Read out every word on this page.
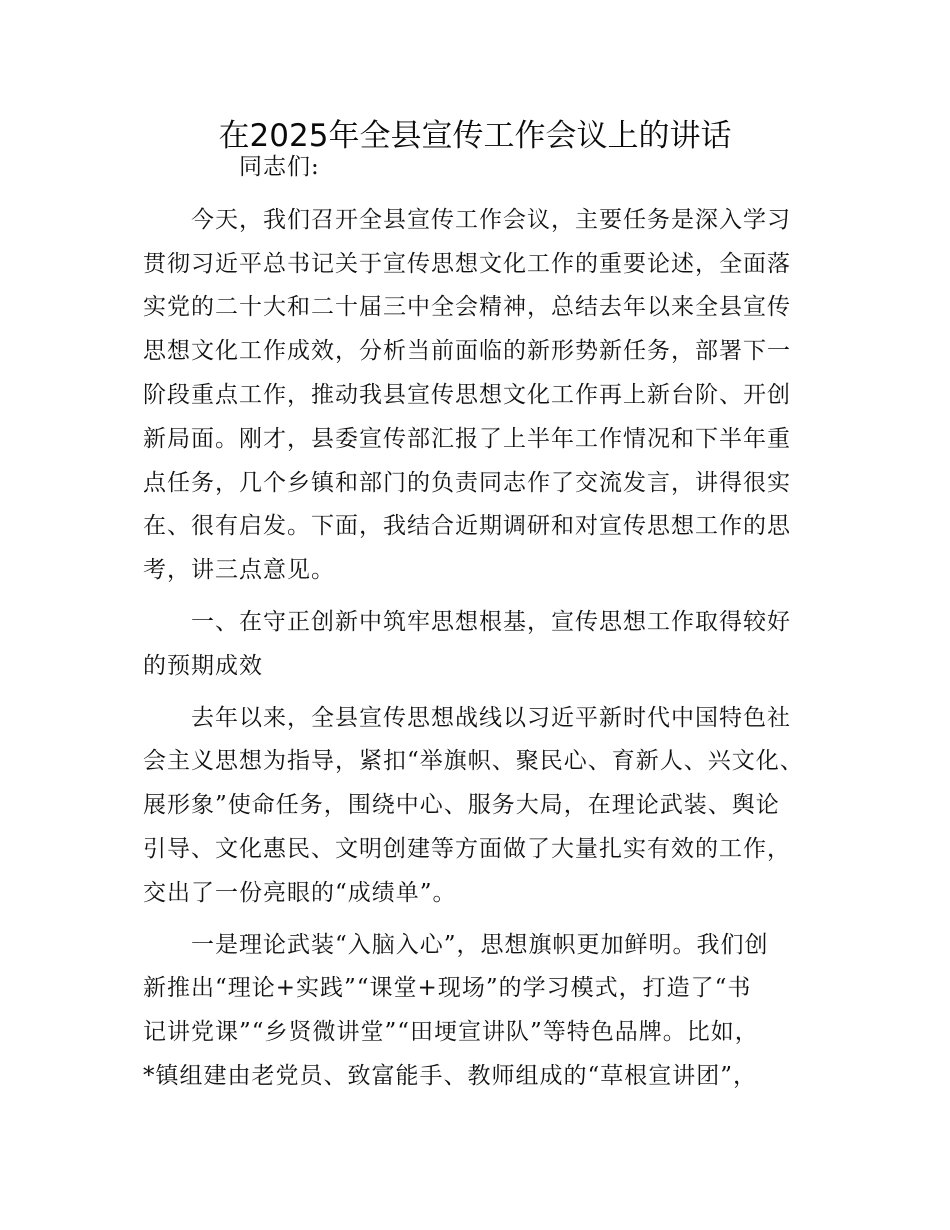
在2025年全县宣传工作会议上的讲话
同志们:
今天，我们召开全县宣传工作会议，主要任务是深入学习
贯彻习近平总书记关于宣传思想文化工作的重要论述，全面落
实党的二十大和二十届三中全会精神，总结去年以来全县宣传
思想文化工作成效，分析当前面临的新形势新任务，部署下一
阶段重点工作，推动我县宣传思想文化工作再上新台阶、开创
新局面。刚才，县委宣传部汇报了上半年工作情况和下半年重
点任务，几个乡镇和部门的负责同志作了交流发言，讲得很实
在、很有启发。下面，我结合近期调研和对宣传思想工作的思
考，讲三点意见。
一、在守正创新中筑牢思想根基，宣传思想工作取得较好
的预期成效
去年以来，全县宣传思想战线以习近平新时代中国特色社
会主义思想为指导，紧扣“举旗帜、聚民心、育新人、兴文化、
展形象”使命任务，围绕中心、服务大局，在理论武装、舆论
引导、文化惠民、文明创建等方面做了大量扎实有效的工作，
交出了一份亮眼的“成绩单”。
一是理论武装“入脑入心”，思想旗帜更加鲜明。我们创
新推出“理论+实践”“课堂+现场”的学习模式，打造了“书
记讲党课”“乡贤微讲堂”“田埂宣讲队”等特色品牌。比如，
*镇组建由老党员、致富能手、教师组成的“草根宣讲团”，
